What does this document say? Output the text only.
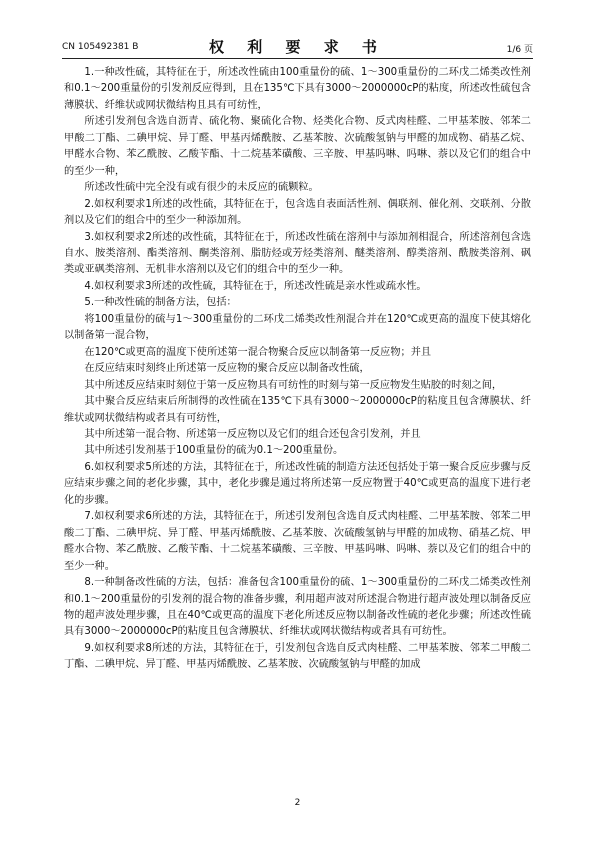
CN 105492381 B	权 利 要 求 书	1/6 页

1.一种改性硫，其特征在于，所述改性硫由100重量份的硫、1～300重量份的二环戊二烯类改性剂和0.1～200重量份的引发剂反应得到，且在135℃下具有3000～2000000cP的粘度，所述改性硫包含薄膜状、纤维状或网状微结构且具有可纺性，

所述引发剂包含选自沥青、硫化物、聚硫化合物、烃类化合物、反式肉桂醛、二甲基苯胺、邻苯二甲酸二丁酯、二碘甲烷、异丁醛、甲基丙烯酰胺、乙基苯胺、次硫酸氢钠与甲醛的加成物、硝基乙烷、甲醛水合物、苯乙酰胺、乙酸苄酯、十二烷基苯磺酸、三辛胺、甲基吗啉、吗啉、萘以及它们的组合中的至少一种，

所述改性硫中完全没有或有很少的未反应的硫颗粒。

2.如权利要求1所述的改性硫，其特征在于，包含选自表面活性剂、偶联剂、催化剂、交联剂、分散剂以及它们的组合中的至少一种添加剂。

3.如权利要求2所述的改性硫，其特征在于，所述改性硫在溶剂中与添加剂相混合，所述溶剂包含选自水、胺类溶剂、酯类溶剂、酮类溶剂、脂肪烃或芳烃类溶剂、醚类溶剂、醇类溶剂、酰胺类溶剂、砜类或亚砜类溶剂、无机非水溶剂以及它们的组合中的至少一种。

4.如权利要求3所述的改性硫，其特征在于，所述改性硫是亲水性或疏水性。

5.一种改性硫的制备方法，包括：

将100重量份的硫与1～300重量份的二环戊二烯类改性剂混合并在120℃或更高的温度下使其熔化以制备第一混合物，

在120℃或更高的温度下使所述第一混合物聚合反应以制备第一反应物；并且

在反应结束时刻终止所述第一反应物的聚合反应以制备改性硫，

其中所述反应结束时刻位于第一反应物具有可纺性的时刻与第一反应物发生贴胶的时刻之间，

其中聚合反应结束后所制得的改性硫在135℃下具有3000～2000000cP的粘度且包含薄膜状、纤维状或网状微结构或者具有可纺性，

其中所述第一混合物、所述第一反应物以及它们的组合还包含引发剂，并且

其中所述引发剂基于100重量份的硫为0.1～200重量份。

6.如权利要求5所述的方法，其特征在于，所述改性硫的制造方法还包括处于第一聚合反应步骤与反应结束步骤之间的老化步骤，其中，老化步骤是通过将所述第一反应物置于40℃或更高的温度下进行老化的步骤。

7.如权利要求6所述的方法，其特征在于，所述引发剂包含选自反式肉桂醛、二甲基苯胺、邻苯二甲酸二丁酯、二碘甲烷、异丁醛、甲基丙烯酰胺、乙基苯胺、次硫酸氢钠与甲醛的加成物、硝基乙烷、甲醛水合物、苯乙酰胺、乙酸苄酯、十二烷基苯磺酸、三辛胺、甲基吗啉、吗啉、萘以及它们的组合中的至少一种。

8.一种制备改性硫的方法，包括：准备包含100重量份的硫、1～300重量份的二环戊二烯类改性剂和0.1～200重量份的引发剂的混合物的准备步骤，利用超声波对所述混合物进行超声波处理以制备反应物的超声波处理步骤，且在40℃或更高的温度下老化所述反应物以制备改性硫的老化步骤；所述改性硫具有3000～2000000cP的粘度且包含薄膜状、纤维状或网状微结构或者具有可纺性。

9.如权利要求8所述的方法，其特征在于，引发剂包含选自反式肉桂醛、二甲基苯胺、邻苯二甲酸二丁酯、二碘甲烷、异丁醛、甲基丙烯酰胺、乙基苯胺、次硫酸氢钠与甲醛的加成

2
